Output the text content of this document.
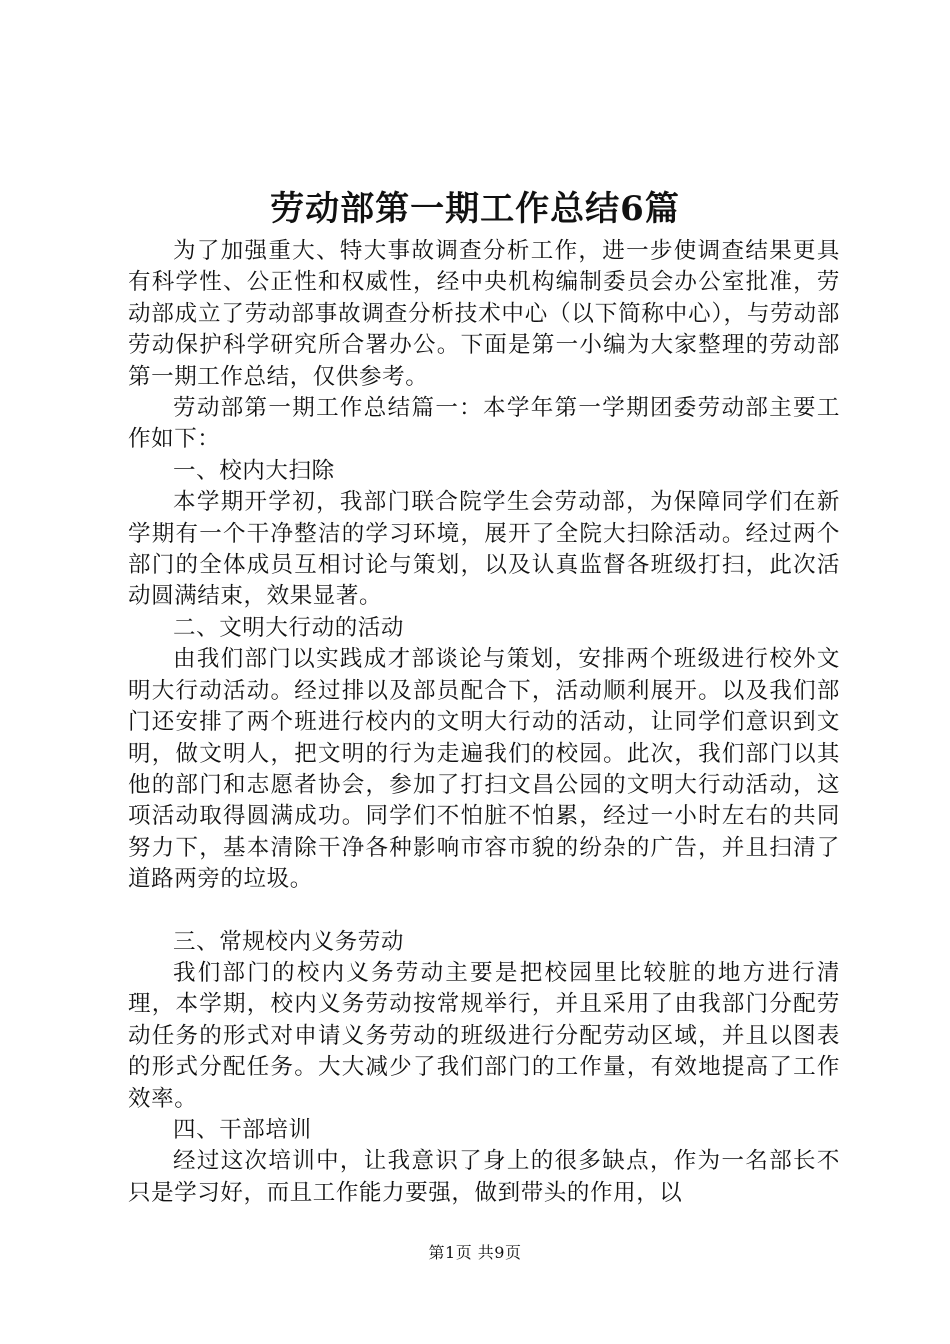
劳动部第一期工作总结6篇

为了加强重大、特大事故调查分析工作，进一步使调查结果更具有科学性、公正性和权威性，经中央机构编制委员会办公室批准，劳动部成立了劳动部事故调查分析技术中心（以下简称中心），与劳动部劳动保护科学研究所合署办公。下面是第一小编为大家整理的劳动部第一期工作总结，仅供参考。

劳动部第一期工作总结篇一：本学年第一学期团委劳动部主要工作如下：

一、校内大扫除

本学期开学初，我部门联合院学生会劳动部，为保障同学们在新学期有一个干净整洁的学习环境，展开了全院大扫除活动。经过两个部门的全体成员互相讨论与策划，以及认真监督各班级打扫，此次活动圆满结束，效果显著。

二、文明大行动的活动

由我们部门以实践成才部谈论与策划，安排两个班级进行校外文明大行动活动。经过排以及部员配合下，活动顺利展开。以及我们部门还安排了两个班进行校内的文明大行动的活动，让同学们意识到文明，做文明人，把文明的行为走遍我们的校园。此次，我们部门以其他的部门和志愿者协会，参加了打扫文昌公园的文明大行动活动，这项活动取得圆满成功。同学们不怕脏不怕累，经过一小时左右的共同努力下，基本清除干净各种影响市容市貌的纷杂的广告，并且扫清了道路两旁的垃圾。

三、常规校内义务劳动

我们部门的校内义务劳动主要是把校园里比较脏的地方进行清理，本学期，校内义务劳动按常规举行，并且采用了由我部门分配劳动任务的形式对申请义务劳动的班级进行分配劳动区域，并且以图表的形式分配任务。大大减少了我们部门的工作量，有效地提高了工作效率。

四、干部培训

经过这次培训中，让我意识了身上的很多缺点，作为一名部长不只是学习好，而且工作能力要强，做到带头的作用，以

第1页 共9页
